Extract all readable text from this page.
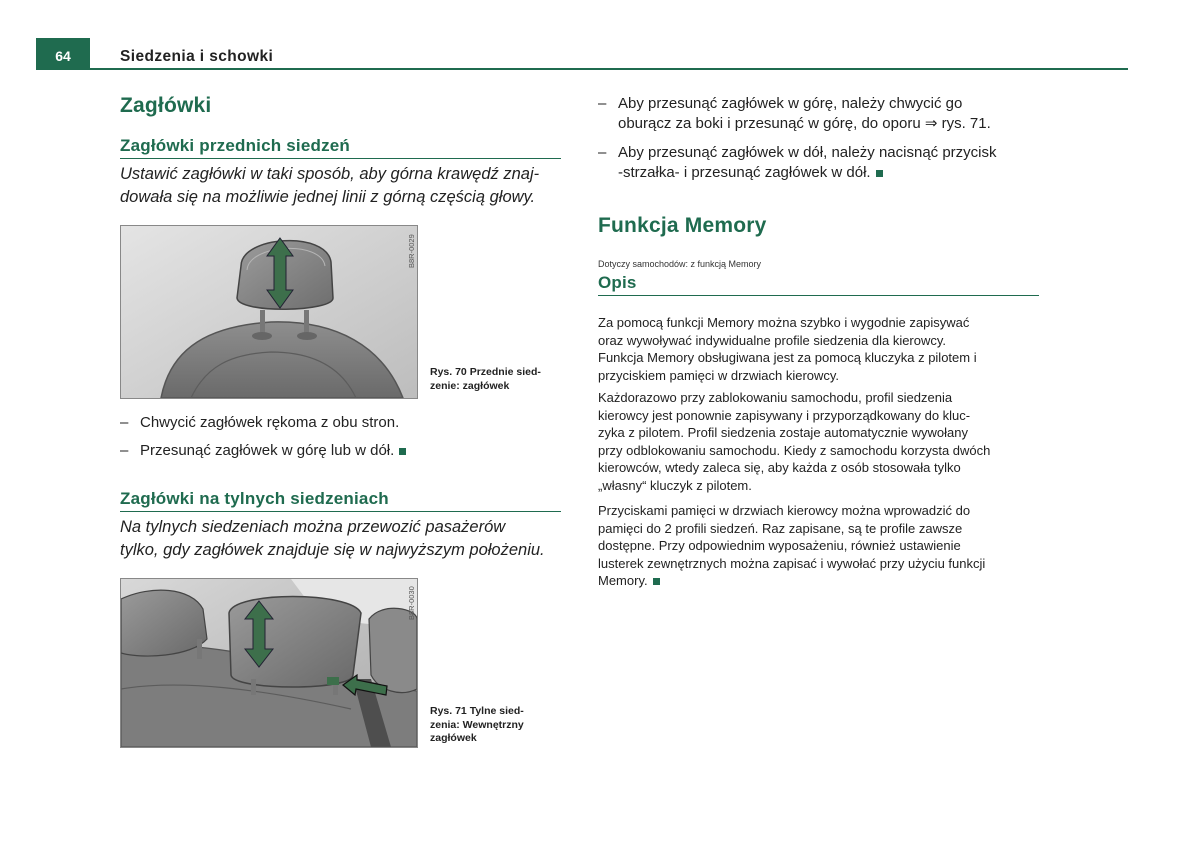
64	Siedzenia i schowki
Zagłówki
Zagłówki przednich siedzeń
Ustawić zagłówki w taki sposób, aby górna krawędź znaj-
dowała się na możliwie jednej linii z górną częścią głowy.
B8R-0029
Rys. 70 Przednie sied-
zenie: zagłówek
– Chwycić zagłówek rękoma z obu stron.
– Przesunąć zagłówek w górę lub w dół.
Zagłówki na tylnych siedzeniach
Na tylnych siedzeniach można przewozić pasażerów
tylko, gdy zagłówek znajduje się w najwyższym położeniu.
B8R-0030
Rys. 71 Tylne sied-
zenia: Wewnętrzny
zagłówek
– Aby przesunąć zagłówek w górę, należy chwycić go
oburącz za boki i przesunąć w górę, do oporu ⇒ rys. 71.
– Aby przesunąć zagłówek w dół, należy nacisnąć przycisk
-strzałka- i przesunąć zagłówek w dół.
Funkcja Memory
Dotyczy samochodów: z funkcją Memory
Opis
Za pomocą funkcji Memory można szybko i wygodnie zapisywać
oraz wywoływać indywidualne profile siedzenia dla kierowcy.
Funkcja Memory obsługiwana jest za pomocą kluczyka z pilotem i
przyciskiem pamięci w drzwiach kierowcy.
Każdorazowo przy zablokowaniu samochodu, profil siedzenia
kierowcy jest ponownie zapisywany i przyporządkowany do kluc-
zyka z pilotem. Profil siedzenia zostaje automatycznie wywołany
przy odblokowaniu samochodu. Kiedy z samochodu korzysta dwóch
kierowców, wtedy zaleca się, aby każda z osób stosowała tylko
„własny“ kluczyk z pilotem.
Przyciskami pamięci w drzwiach kierowcy można wprowadzić do
pamięci do 2 profili siedzeń. Raz zapisane, są te profile zawsze
dostępne. Przy odpowiednim wyposażeniu, również ustawienie
lusterek zewnętrznych można zapisać i wywołać przy użyciu funkcji
Memory.
